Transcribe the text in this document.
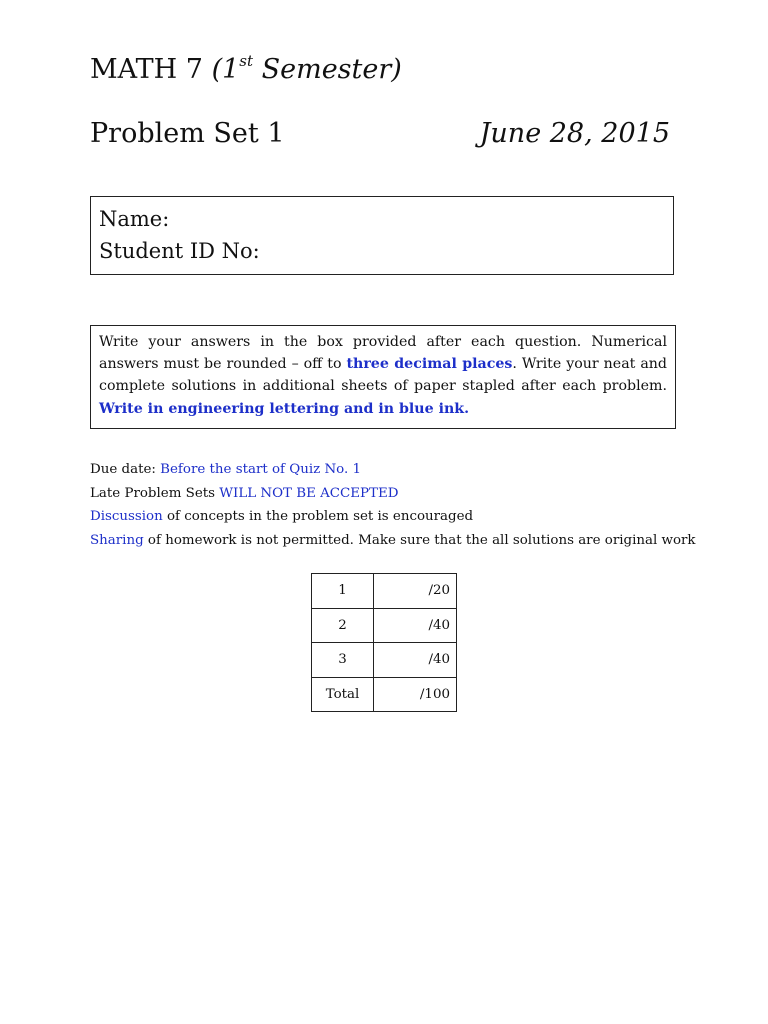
MATH 7 (1st Semester)
Problem Set 1	June 28, 2015
Name:
Student ID No:
Write your answers in the box provided after each question. Numerical answers must be rounded – off to three decimal places. Write your neat and complete solutions in additional sheets of paper stapled after each problem. Write in engineering lettering and in blue ink.
Due date: Before the start of Quiz No. 1
Late Problem Sets WILL NOT BE ACCEPTED
Discussion of concepts in the problem set is encouraged
Sharing of homework is not permitted. Make sure that the all solutions are original work
1	/20
2	/40
3	/40
Total	/100
